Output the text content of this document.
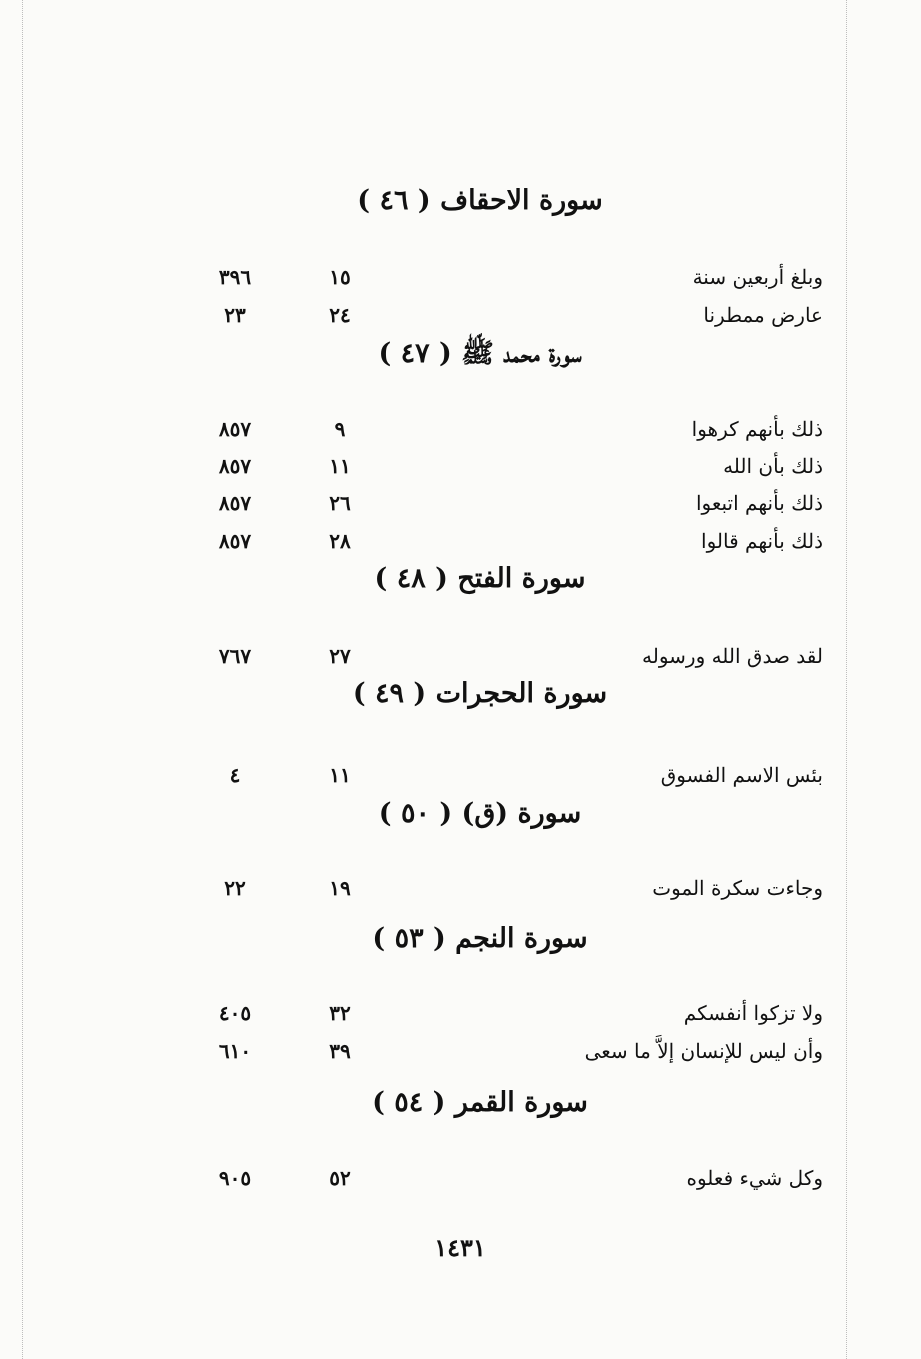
سورة الاحقاف ( ٤٦ )
وبلغ أربعين سنة
١٥
٣٩٦
عارض ممطرنا
٢٤
٢٣
سورة محمد ﷺ ( ٤٧ )
ذلك بأنهم كرهوا
٩
٨٥٧
ذلك بأن الله
١١
٨٥٧
ذلك بأنهم اتبعوا
٢٦
٨٥٧
ذلك بأنهم قالوا
٢٨
٨٥٧
سورة الفتح ( ٤٨ )
لقد صدق الله ورسوله
٢٧
٧٦٧
سورة الحجرات ( ٤٩ )
بئس الاسم الفسوق
١١
٤
سورة (ق) ( ٥٠ )
وجاءت سكرة الموت
١٩
٢٢
سورة النجم ( ٥٣ )
ولا تزكوا أنفسكم
٣٢
٤٠٥
وأن ليس للإنسان إلاَّ ما سعى
٣٩
٦١٠
سورة القمر ( ٥٤ )
وكل شيء فعلوه
٥٢
٩٠٥
١٤٣١
